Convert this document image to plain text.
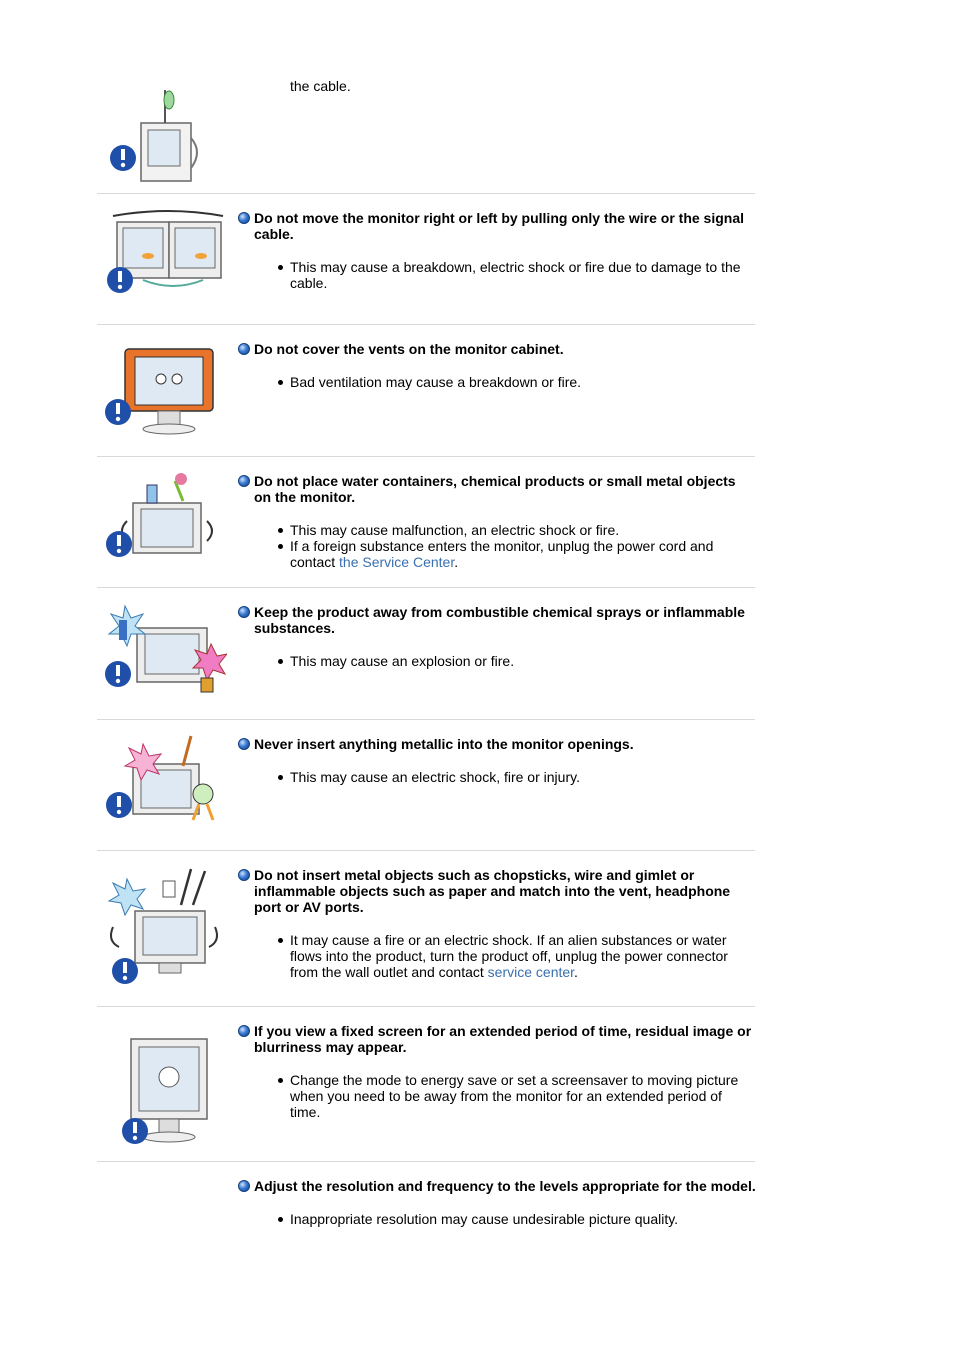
the cable.
Do not move the monitor right or left by pulling only the wire or the signal cable.
This may cause a breakdown, electric shock or fire due to damage to the cable.
Do not cover the vents on the monitor cabinet.
Bad ventilation may cause a breakdown or fire.
Do not place water containers, chemical products or small metal objects on the monitor.
This may cause malfunction, an electric shock or fire.
If a foreign substance enters the monitor, unplug the power cord and contact the Service Center.
Keep the product away from combustible chemical sprays or inflammable substances.
This may cause an explosion or fire.
Never insert anything metallic into the monitor openings.
This may cause an electric shock, fire or injury.
Do not insert metal objects such as chopsticks, wire and gimlet or inflammable objects such as paper and match into the vent, headphone port or AV ports.
It may cause a fire or an electric shock. If an alien substances or water flows into the product, turn the product off, unplug the power connector from the wall outlet and contact service center.
If you view a fixed screen for an extended period of time, residual image or blurriness may appear.
Change the mode to energy save or set a screensaver to moving picture when you need to be away from the monitor for an extended period of time.
Adjust the resolution and frequency to the levels appropriate for the model.
Inappropriate resolution may cause undesirable picture quality.
